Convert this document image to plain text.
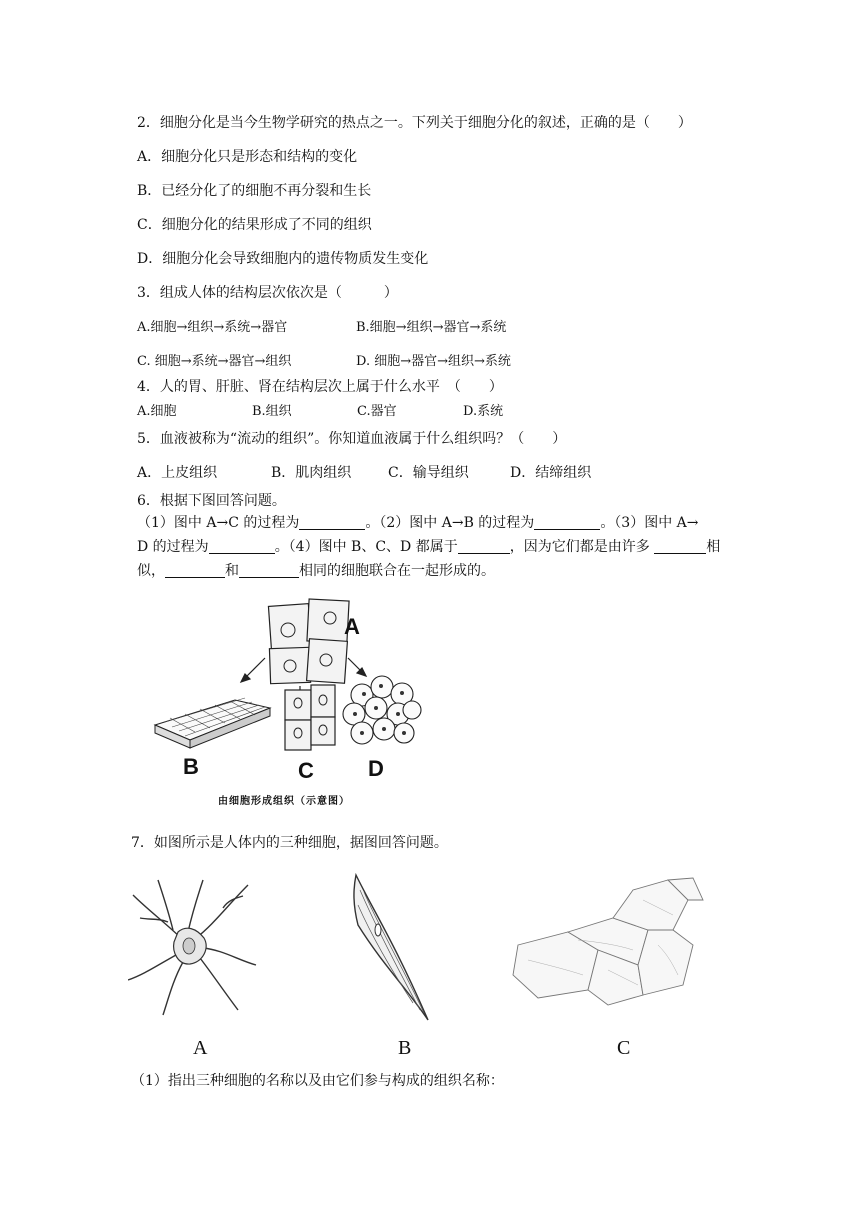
2．细胞分化是当今生物学研究的热点之一。下列关于细胞分化的叙述，正确的是（　　）
A．细胞分化只是形态和结构的变化
B．已经分化了的细胞不再分裂和生长
C．细胞分化的结果形成了不同的组织
D．细胞分化会导致细胞内的遗传物质发生变化
3．组成人体的结构层次依次是（　　　）
A.细胞→组织→系统→器官	B.细胞→组织→器官→系统
C. 细胞→系统→器官→组织	D. 细胞→器官→组织→系统
4．人的胃、肝脏、肾在结构层次上属于什么水平　（　　）
A.细胞	B.组织	C.器官	D.系统
5．血液被称为“流动的组织”。你知道血液属于什么组织吗？（　　）
A．上皮组织	B．肌肉组织	C．输导组织	D．结缔组织
6．根据下图回答问题。
（1）图中 A→C 的过程为	。（2）图中 A→B 的过程为	。（3）图中 A→
D 的过程为	。（4）图中 B、C、D 都属于	，因为它们都是由许多	相
似，	和	相同的细胞联合在一起形成的。
A
B	C D
由细胞形成组织（示意图）
7．如图所示是人体内的三种细胞，据图回答问题。
A	B	C
（1）指出三种细胞的名称以及由它们参与构成的组织名称：
